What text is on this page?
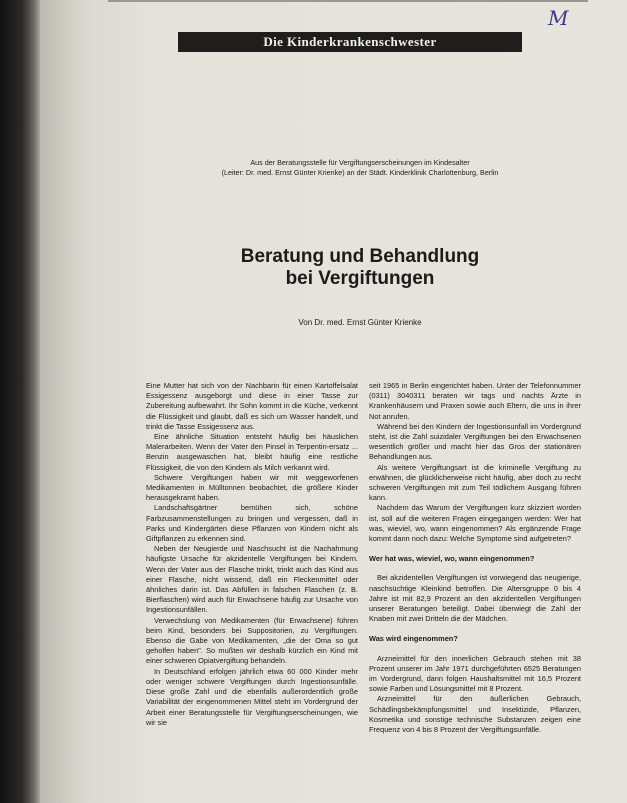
Die Kinderkrankenschwester
M
Aus der Beratungsstelle für Vergiftungserscheinungen im Kindesalter
(Leiter: Dr. med. Ernst Günter Krienke) an der Städt. Kinderklinik Charlottenburg, Berlin
Beratung und Behandlung
bei Vergiftungen
Von Dr. med. Ernst Günter Krienke

Eine Mutter hat sich von der Nachbarin für einen Kartoffelsalat Essigessenz ausgeborgt und diese in einer Tasse zur Zubereitung aufbewahrt. Ihr Sohn kommt in die Küche, verkennt die Flüssigkeit und glaubt, daß es sich um Wasser handelt, und trinkt die Tasse Essigessenz aus.

Eine ähnliche Situation entsteht häufig bei häuslichen Malerarbeiten. Wenn der Vater den Pinsel in Terpentin-ersatz ... Benzin ausgewaschen hat, bleibt häufig eine restliche Flüssigkeit, die von den Kindern als Milch verkannt wird.

Schwere Vergiftungen haben wir mit weggeworfenen Medikamenten in Mülltonnen beobachtet, die größere Kinder herausgekramt haben.

Landschaftsgärtner bemühen sich, schöne Farbzusammenstellungen zu bringen und vergessen, daß in Parks und Kindergärten diese Pflanzen von Kindern nicht als Giftpflanzen zu erkennen sind.

Neben der Neugierde und Naschsucht ist die Nachahmung häufigste Ursache für akzidentelle Vergiftungen bei Kindern. Wenn der Vater aus der Flasche trinkt, trinkt auch das Kind aus einer Flasche, nicht wissend, daß ein Fleckenmittel oder ähnliches darin ist. Das Abfüllen in falschen Flaschen (z. B. Bierflaschen) wird auch für Erwachsene häufig zur Ursache von Ingestionsunfällen.

Verwechslung von Medikamenten (für Erwachsene) führen beim Kind, besonders bei Suppositorien, zu Vergiftungen. Ebenso die Gabe von Medikamenten, „die der Oma so gut geholfen haben". So mußten wir deshalb kürzlich ein Kind mit einer schweren Opiatvergiftung behandeln.

In Deutschland erfolgen jährlich etwa 60 000 Kinder mehr oder weniger schwere Vergiftungen durch Ingestionsunfälle. Diese große Zahl und die ebenfalls außerordentlich große Variabilität der eingenommenen Mittel steht im Vordergrund der Arbeit einer Beratungsstelle für Vergiftungserscheinungen, wie wir sie

seit 1965 in Berlin eingerichtet haben. Unter der Telefonnummer (0311) 3040311 beraten wir tags und nachts Ärzte in Krankenhäusern und Praxen sowie auch Eltern, die uns in ihrer Not anrufen.

Während bei den Kindern der Ingestionsunfall im Vordergrund steht, ist die Zahl suizidaler Vergiftungen bei den Erwachsenen wesentlich größer und macht hier das Gros der stationären Behandlungen aus.

Als weitere Vergiftungsart ist die kriminelle Vergiftung zu erwähnen, die glücklicherweise nicht häufig, aber doch zu recht schweren Vergiftungen mit zum Teil tödlichem Ausgang führen kann.

Nachdem das Warum der Vergiftungen kurz skizziert worden ist, soll auf die weiteren Fragen eingegangen werden: Wer hat was, wieviel, wo, wann eingenommen? Als ergänzende Frage kommt dann noch dazu: Welche Symptome sind aufgetreten?

Wer hat was, wieviel, wo, wann eingenommen?

Bei akzidentellen Vergiftungen ist vorwiegend das neugierige, naschsüchtige Kleinkind betroffen. Die Altersgruppe 0 bis 4 Jahre ist mit 82,9 Prozent an den akzidentellen Vergiftungen unserer Beratungen beteiligt. Dabei überwiegt die Zahl der Knaben mit zwei Dritteln die der Mädchen.

Was wird eingenommen?

Arzneimittel für den innerlichen Gebrauch stehen mit 38 Prozent unserer im Jahr 1971 durchgeführten 6525 Beratungen im Vordergrund, dann folgen Haushaltsmittel mit 16,5 Prozent sowie Farben und Lösungsmittel mit 8 Prozent.

Arzneimittel für den äußerlichen Gebrauch, Schädlingsbekämpfungsmittel und Insektizide, Pflanzen, Kosmetika und sonstige technische Substanzen zeigen eine Frequenz von 4 bis 8 Prozent der Vergiftungsunfälle.
